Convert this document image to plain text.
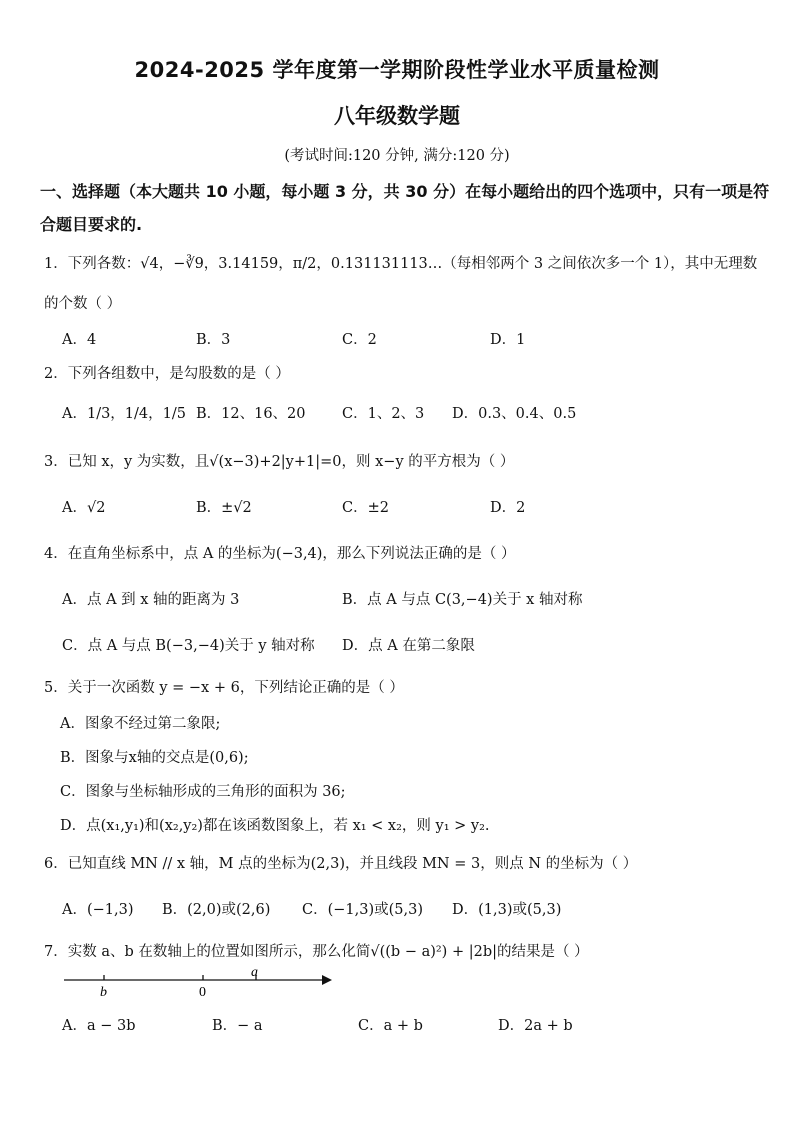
2024-2025 学年度第一学期阶段性学业水平质量检测
八年级数学题
(考试时间:120 分钟, 满分:120 分)
一、选择题（本大题共 10 小题，每小题 3 分，共 30 分）在每小题给出的四个选项中，只有一项是符合题目要求的.
1．下列各数：√4，−∛9，3.14159，π/2，0.131131113…（每相邻两个 3 之间依次多一个 1），其中无理数
的个数（ ）
A．4	B．3	C．2	D．1
2．下列各组数中，是勾股数的是（ ）
A．1/3，1/4，1/5 B．12、16、20	C．1、2、3 D．0.3、0.4、0.5
3．已知 x，y 为实数，且√(x−3)+2|y+1|=0，则 x−y 的平方根为（ ）
A．√2	B．±√2	C．±2	D．2
4．在直角坐标系中，点 A 的坐标为(−3,4)，那么下列说法正确的是（ ）
A．点 A 到 x 轴的距离为 3	B．点 A 与点 C(3,−4)关于 x 轴对称
C．点 A 与点 B(−3,−4)关于 y 轴对称 D．点 A 在第二象限
5．关于一次函数 y = −x + 6，下列结论正确的是（ ）
A．图象不经过第二象限;
B．图象与x轴的交点是(0,6);
C．图象与坐标轴形成的三角形的面积为 36;
D．点(x₁,y₁)和(x₂,y₂)都在该函数图象上，若 x₁ < x₂，则 y₁ > y₂.
6．已知直线 MN // x 轴，M 点的坐标为(2,3)，并且线段 MN = 3，则点 N 的坐标为（ ）
A．(−1,3) B．(2,0)或(2,6) C．(−1,3)或(5,3) D．(1,3)或(5,3)
7．实数 a、b 在数轴上的位置如图所示，那么化简√((b − a)²) + |2b|的结果是（ ）
b	0
a
A．a − 3b	B．− a	C．a + b	D．2a + b
